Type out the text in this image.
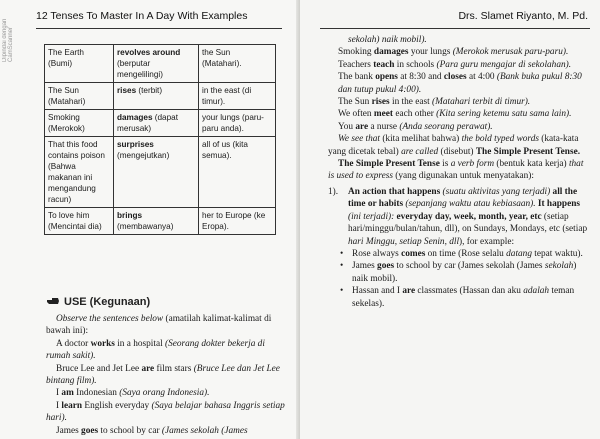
Dipindai dengan CamScanner
12 Tenses To Master In A Day With Examples
The Earth (Bumi)	revolves around (berputar mengelilingi)	the Sun (Matahari).
The Sun (Matahari)	rises (terbit)	in the east (di timur).
Smoking (Merokok)	damages (dapat merusak)	your lungs (paru-paru anda).
That this food contains poison (Bahwa makanan ini mengandung racun)	surprises (mengejutkan)	all of us (kita semua).
To love him (Mencintai dia)	brings (membawanya)	her to Europe (ke Eropa).
USE (Kegunaan)

Observe the sentences below (amatilah kalimat-kalimat di bawah ini):

A doctor works in a hospital (Seorang dokter bekerja di rumah sakit).

Bruce Lee and Jet Lee are film stars (Bruce Lee dan Jet Lee bintang film).

I am Indonesian (Saya orang Indonesia).

I learn English everyday (Saya belajar bahasa Inggris setiap hari).

James goes to school by car (James sekolah (James

Drs. Slamet Riyanto, M. Pd.

sekolah) naik mobil).

Smoking damages your lungs (Merokok merusak paru-paru).

Teachers teach in schools (Para guru mengajar di sekolahan).

The bank opens at 8:30 and closes at 4:00 (Bank buka pukul 8:30 dan tutup pukul 4:00).

The Sun rises in the east (Matahari terbit di timur).

We often meet each other (Kita sering ketemu satu sama lain).

You are a nurse (Anda seorang perawat).

We see that (kita melihat bahwa) the bold typed words (kata-kata yang dicetak tebal) are called (disebut) The Simple Present Tense.

The Simple Present Tense is a verb form (bentuk kata kerja) that is used to express (yang digunakan untuk menyatakan):

1). An action that happens (suatu aktivitas yang terjadi) all the time or habits (sepanjang waktu atau kebiasaan). It happens (ini terjadi): everyday day, week, month, year, etc (setiap hari/minggu/bulan/tahun, dll), on Sundays, Mondays, etc (setiap hari Minggu, setiap Senin, dll), for example:
• Rose always comes on time (Rose selalu datang tepat waktu).
• James goes to school by car (James sekolah (James sekolah) naik mobil).
• Hassan and I are classmates (Hassan dan aku adalah teman sekelas).
